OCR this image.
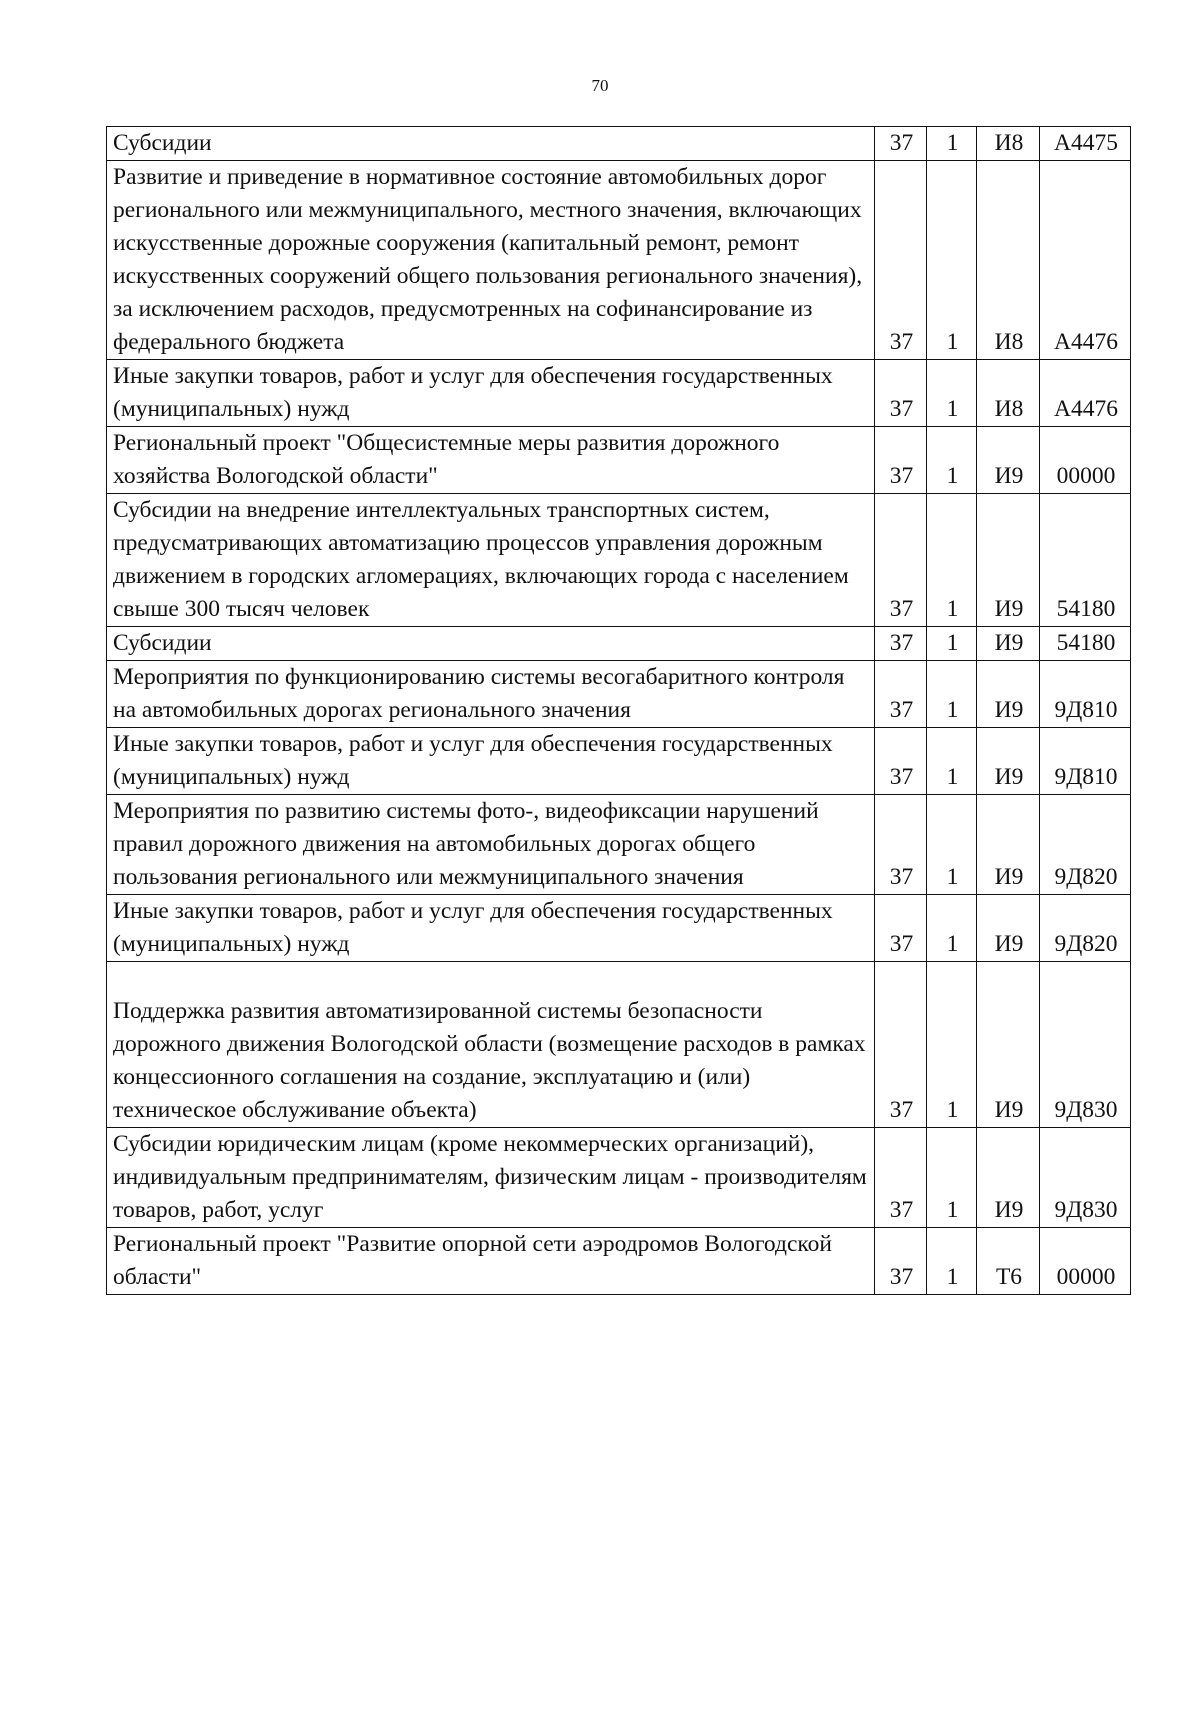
70
Субсидии	37	1	И8	А4475
Развитие и приведение в нормативное состояние автомобильных дорог регионального или межмуниципального, местного значения, включающих искусственные дорожные сооружения (капитальный ремонт, ремонт искусственных сооружений общего пользования регионального значения), за исключением расходов, предусмотренных на софинансирование из федерального бюджета	37	1	И8	А4476
Иные закупки товаров, работ и услуг для обеспечения государственных (муниципальных) нужд	37	1	И8	А4476
Региональный проект "Общесистемные меры развития дорожного хозяйства Вологодской области"	37	1	И9	00000
Субсидии на внедрение интеллектуальных транспортных систем, предусматривающих автоматизацию процессов управления дорожным движением в городских агломерациях, включающих города с населением свыше 300 тысяч человек	37	1	И9	54180
Субсидии	37	1	И9	54180
Мероприятия по функционированию системы весогабаритного контроля на автомобильных дорогах регионального значения	37	1	И9	9Д810
Иные закупки товаров, работ и услуг для обеспечения государственных (муниципальных) нужд	37	1	И9	9Д810
Мероприятия по развитию системы фото-, видеофиксации нарушений правил дорожного движения на автомобильных дорогах общего пользования регионального или межмуниципального значения	37	1	И9	9Д820
Иные закупки товаров, работ и услуг для обеспечения государственных (муниципальных) нужд	37	1	И9	9Д820
Поддержка развития автоматизированной системы безопасности дорожного движения Вологодской области (возмещение расходов в рамках концессионного соглашения на создание, эксплуатацию и (или) техническое обслуживание объекта)	37	1	И9	9Д830
Субсидии юридическим лицам (кроме некоммерческих организаций), индивидуальным предпринимателям, физическим лицам - производителям товаров, работ, услуг	37	1	И9	9Д830
Региональный проект "Развитие опорной сети аэродромов Вологодской области"	37	1	Т6	00000
